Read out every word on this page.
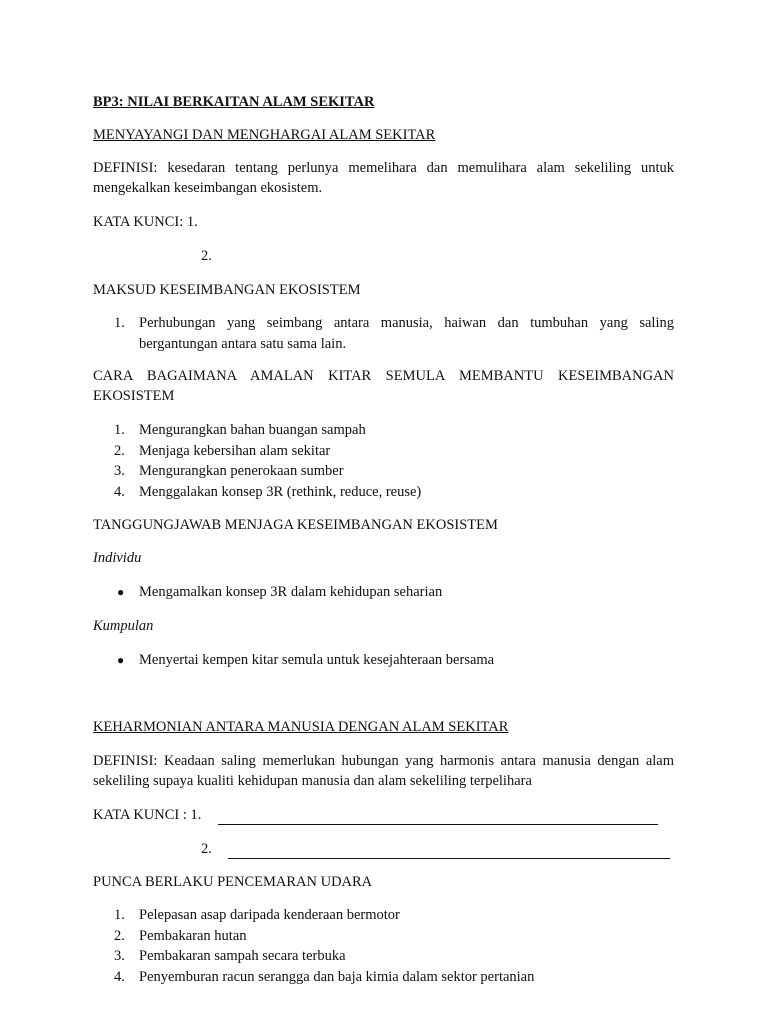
BP3: NILAI BERKAITAN ALAM SEKITAR

MENYAYANGI DAN MENGHARGAI ALAM SEKITAR

DEFINISI: kesedaran tentang perlunya memelihara dan memulihara alam sekeliling untuk mengekalkan keseimbangan ekosistem.

KATA KUNCI: 1.

2.

MAKSUD KESEIMBANGAN EKOSISTEM

1. Perhubungan yang seimbang antara manusia, haiwan dan tumbuhan yang saling bergantungan antara satu sama lain.

CARA BAGAIMANA AMALAN KITAR SEMULA MEMBANTU KESEIMBANGAN EKOSISTEM

1. Mengurangkan bahan buangan sampah
2. Menjaga kebersihan alam sekitar
3. Mengurangkan penerokaan sumber
4. Menggalakan konsep 3R (rethink, reduce, reuse)

TANGGUNGJAWAB MENJAGA KESEIMBANGAN EKOSISTEM

Individu

● Mengamalkan konsep 3R dalam kehidupan seharian

Kumpulan

● Menyertai kempen kitar semula untuk kesejahteraan bersama

KEHARMONIAN ANTARA MANUSIA DENGAN ALAM SEKITAR

DEFINISI: Keadaan saling memerlukan hubungan yang harmonis antara manusia dengan alam sekeliling supaya kualiti kehidupan manusia dan alam sekeliling terpelihara

KATA KUNCI : 1.
2.

PUNCA BERLAKU PENCEMARAN UDARA

1. Pelepasan asap daripada kenderaan bermotor
2. Pembakaran hutan
3. Pembakaran sampah secara terbuka
4. Penyemburan racun serangga dan baja kimia dalam sektor pertanian
